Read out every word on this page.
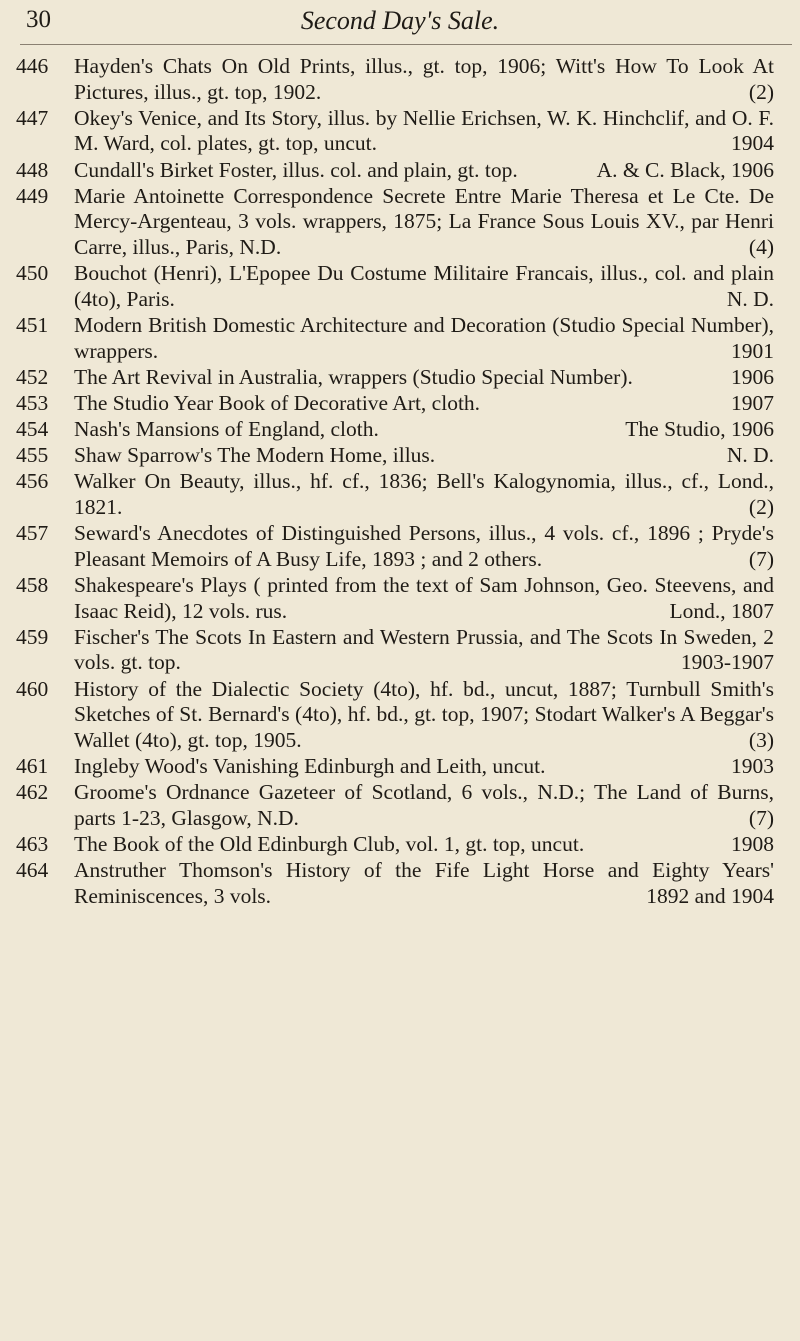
30	Second Day's Sale.
446	Hayden's Chats On Old Prints, illus., gt. top, 1906; Witt's How To Look At Pictures, illus., gt. top, 1902.	(2)
447	Okey's Venice, and Its Story, illus. by Nellie Erichsen, W. K. Hinchclif, and O. F. M. Ward, col. plates, gt. top, uncut.	1904
448	Cundall's Birket Foster, illus. col. and plain, gt. top.	A. & C. Black, 1906
449	Marie Antoinette Correspondence Secrete Entre Marie Theresa et Le Cte. De Mercy-Argenteau, 3 vols. wrappers, 1875; La France Sous Louis XV., par Henri Carre, illus., Paris, N.D.	(4)
450	Bouchot (Henri), L'Epopee Du Costume Militaire Francais, illus., col. and plain (4to), Paris.	N. D.
451	Modern British Domestic Architecture and Decoration (Studio Special Number), wrappers.	1901
452	The Art Revival in Australia, wrappers (Studio Special Number).	1906
453	The Studio Year Book of Decorative Art, cloth.	1907
454	Nash's Mansions of England, cloth.	The Studio, 1906
455	Shaw Sparrow's The Modern Home, illus.	N. D.
456	Walker On Beauty, illus., hf. cf., 1836; Bell's Kalogynomia, illus., cf., Lond., 1821.	(2)
457	Seward's Anecdotes of Distinguished Persons, illus., 4 vols. cf., 1896 ; Pryde's Pleasant Memoirs of A Busy Life, 1893 ; and 2 others.	(7)
458	Shakespeare's Plays ( printed from the text of Sam Johnson, Geo. Steevens, and Isaac Reid), 12 vols. rus.	Lond., 1807
459	Fischer's The Scots In Eastern and Western Prussia, and The Scots In Sweden, 2 vols. gt. top.	1903-1907
460	History of the Dialectic Society (4to), hf. bd., uncut, 1887; Turnbull Smith's Sketches of St. Bernard's (4to), hf. bd., gt. top, 1907; Stodart Walker's A Beggar's Wallet (4to), gt. top, 1905.	(3)
461	Ingleby Wood's Vanishing Edinburgh and Leith, uncut.	1903
462	Groome's Ordnance Gazeteer of Scotland, 6 vols., N.D.; The Land of Burns, parts 1-23, Glasgow, N.D.	(7)
463	The Book of the Old Edinburgh Club, vol. 1, gt. top, uncut.	1908
464	Anstruther Thomson's History of the Fife Light Horse and Eighty Years' Reminiscences, 3 vols.	1892 and 1904
